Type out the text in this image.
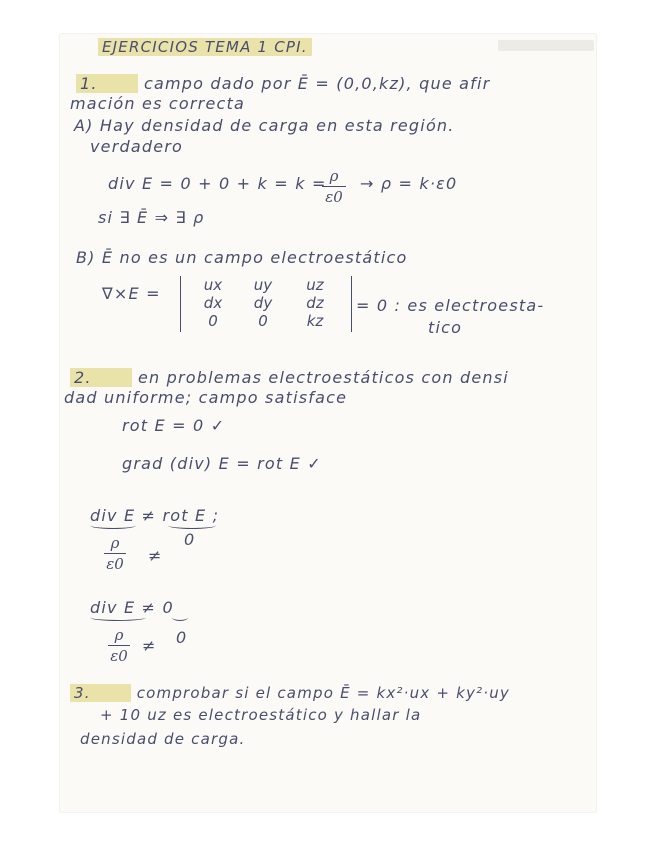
EJERCICIOS TEMA 1 CPI.
1.	campo dado por Ē = (0,0,kz), que afir
mación es correcta
A) Hay densidad de carga en esta región.
verdadero
div E = 0 + 0 + k = k = ρ
ε0
→ ρ = k·ε0
si ∃ Ē ⇒ ∃ ρ
B) Ē no es un campo electroestático
∇×E =	ux	uy	uz
dx	dy	dz
0	0	kz
= 0 : es electroesta-
tico
2.	en problemas electroestáticos con densi
dad uniforme; campo satisface
rot E = 0 ✓
grad (div) E = rot E ✓
div E ≠ rot E ;
ρ
ε0 ≠
0
div E ≠ 0
ρ
ε0
≠ 0
3.	comprobar si el campo Ē = kx²·ux + ky²·uy
+ 10 uz es electroestático y hallar la
densidad de carga.
